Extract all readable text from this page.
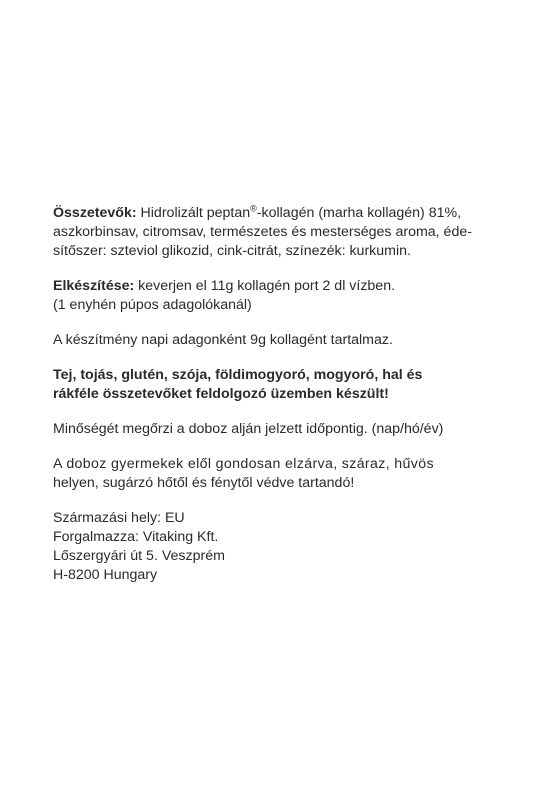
Összetevők: Hidrolizált peptan®-kollagén (marha kollagén) 81%,

aszkorbinsav, citromsav, természetes és mesterséges aroma, éde-

sítőszer: szteviol glikozid, cink-citrát, színezék: kurkumin.

Elkészítése: keverjen el 11g kollagén port 2 dl vízben.

(1 enyhén púpos adagolókanál)

A készítmény napi adagonként 9g kollagént tartalmaz.

Tej, tojás, glutén, szója, földimogyoró, mogyoró, hal és

rákféle összetevőket feldolgozó üzemben készült!

Minőségét megőrzi a doboz alján jelzett időpontig. (nap/hó/év)

A doboz gyermekek elől gondosan elzárva, száraz, hűvös

helyen, sugárzó hőtől és fénytől védve tartandó!

Származási hely: EU

Forgalmazza: Vitaking Kft.

Lőszergyári út 5. Veszprém

H-8200 Hungary
